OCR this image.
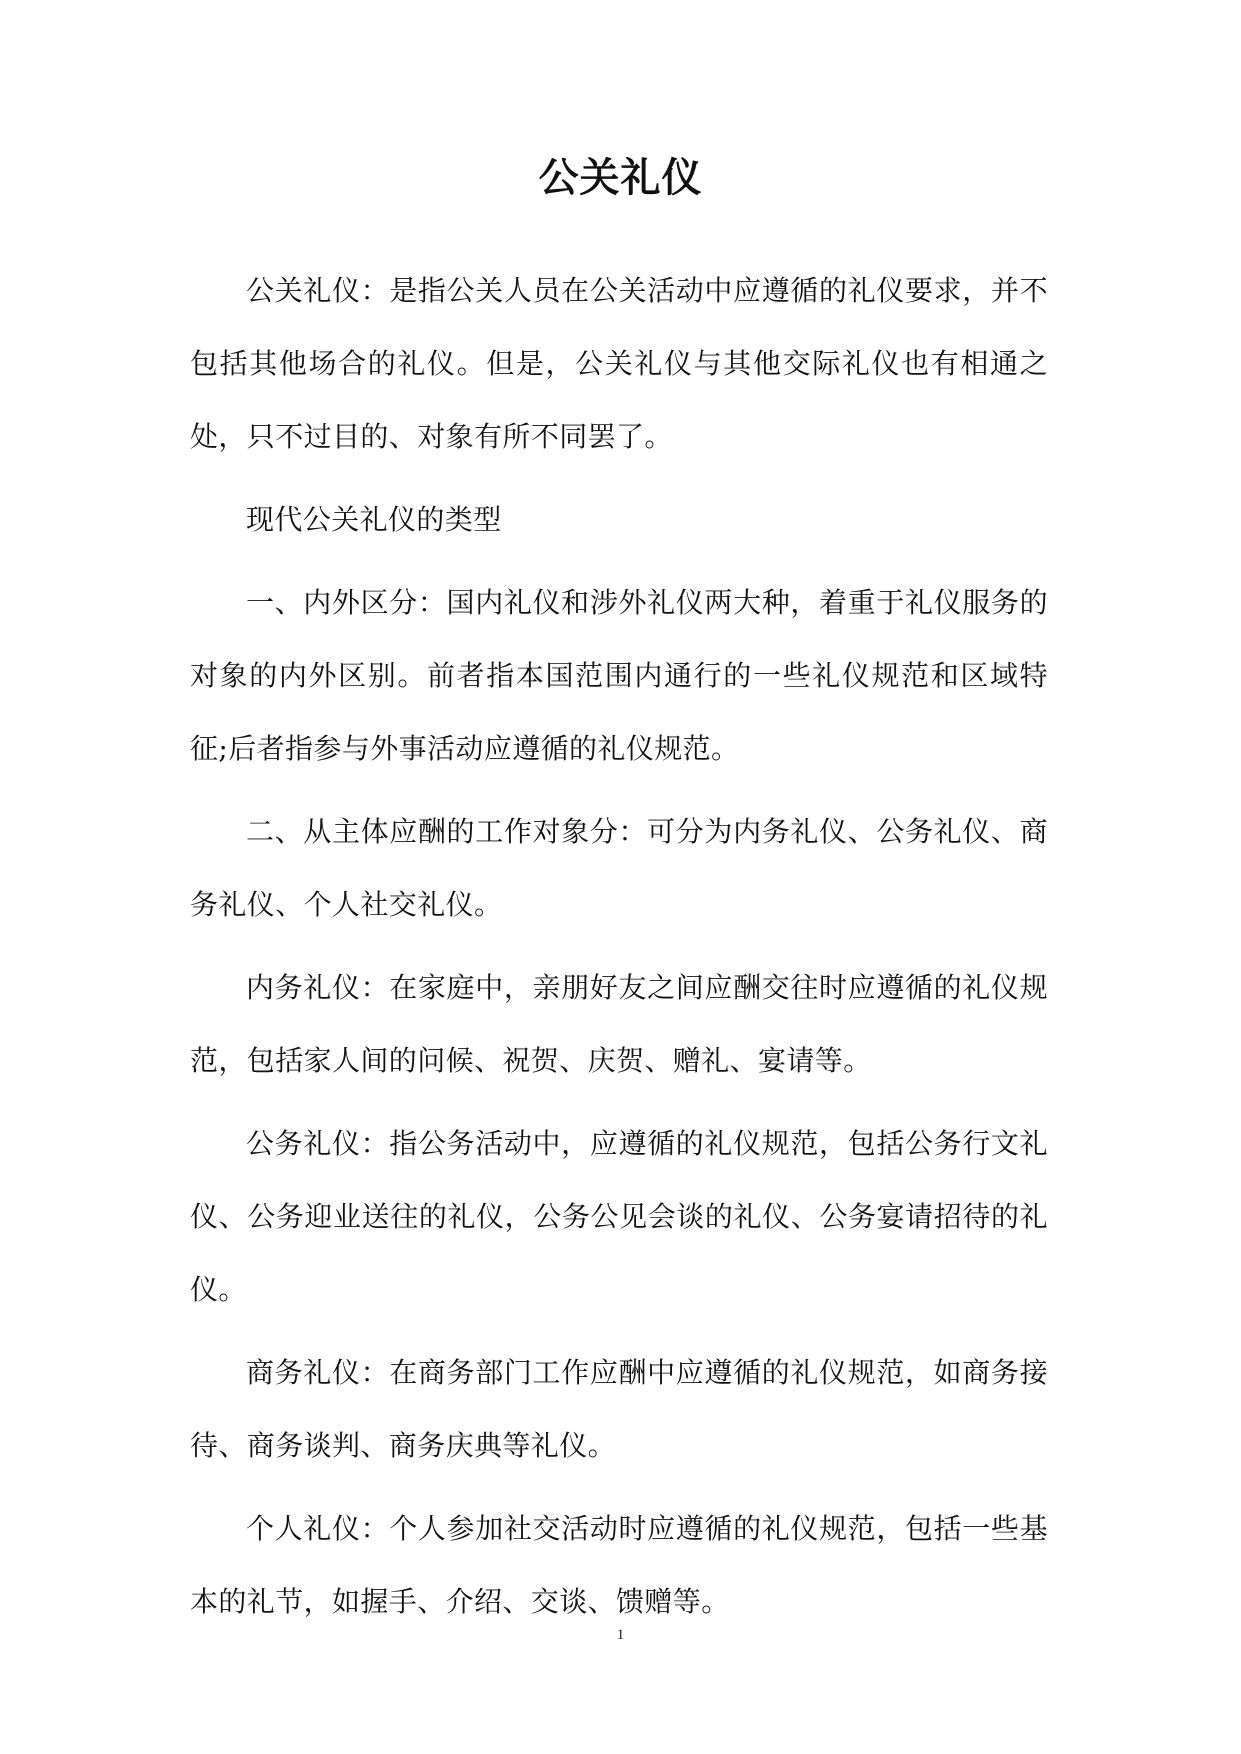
公关礼仪

公关礼仪：是指公关人员在公关活动中应遵循的礼仪要求，并不包括其他场合的礼仪。但是，公关礼仪与其他交际礼仪也有相通之处，只不过目的、对象有所不同罢了。

现代公关礼仪的类型

一、内外区分：国内礼仪和涉外礼仪两大种，着重于礼仪服务的对象的内外区别。前者指本国范围内通行的一些礼仪规范和区域特征;后者指参与外事活动应遵循的礼仪规范。

二、从主体应酬的工作对象分：可分为内务礼仪、公务礼仪、商务礼仪、个人社交礼仪。

内务礼仪：在家庭中，亲朋好友之间应酬交往时应遵循的礼仪规范，包括家人间的问候、祝贺、庆贺、赠礼、宴请等。

公务礼仪：指公务活动中，应遵循的礼仪规范，包括公务行文礼仪、公务迎业送往的礼仪，公务公见会谈的礼仪、公务宴请招待的礼仪。

商务礼仪：在商务部门工作应酬中应遵循的礼仪规范，如商务接待、商务谈判、商务庆典等礼仪。

个人礼仪：个人参加社交活动时应遵循的礼仪规范，包括一些基本的礼节，如握手、介绍、交谈、馈赠等。

1
